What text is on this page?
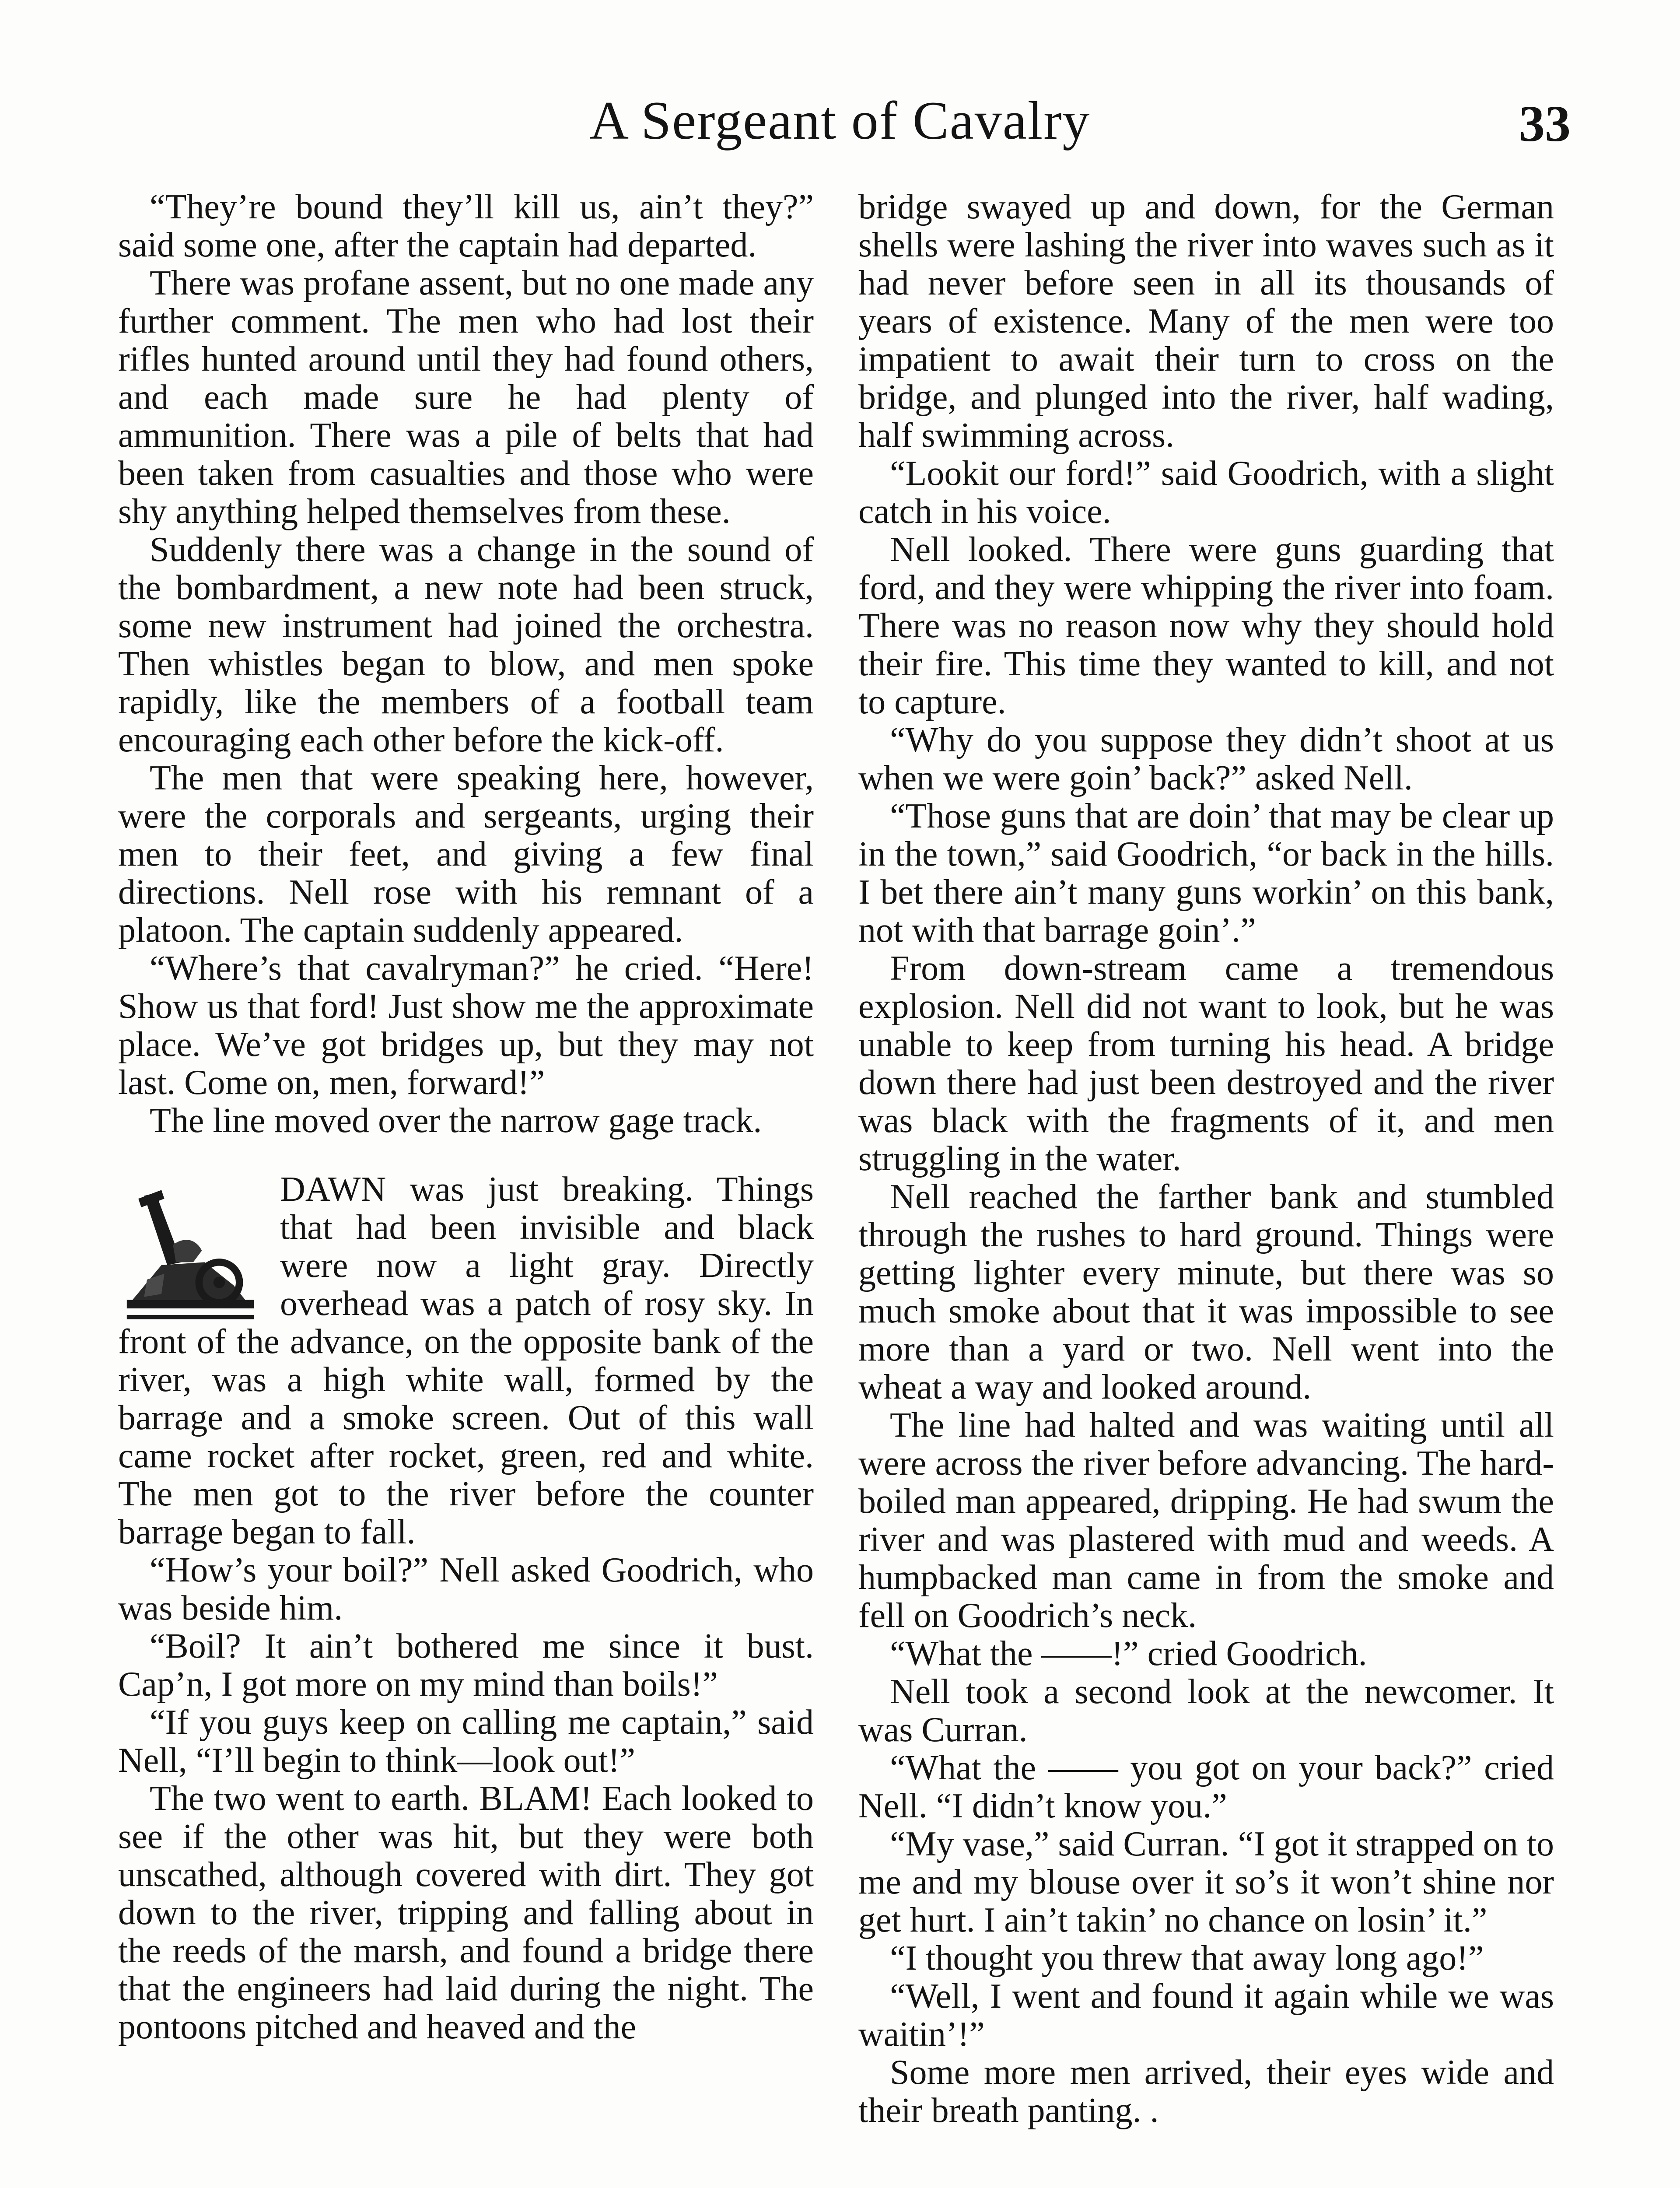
A Sergeant of Cavalry	33

“They’re bound they’ll kill us, ain’t they?” said some one, after the captain had departed.

There was profane assent, but no one made any further comment. The men who had lost their rifles hunted around until they had found others, and each made sure he had plenty of ammunition. There was a pile of belts that had been taken from casualties and those who were shy anything helped themselves from these.

Suddenly there was a change in the sound of the bombardment, a new note had been struck, some new instrument had joined the orchestra. Then whistles began to blow, and men spoke rapidly, like the members of a football team encouraging each other before the kick-off.

The men that were speaking here, however, were the corporals and sergeants, urging their men to their feet, and giving a few final directions. Nell rose with his remnant of a platoon. The captain suddenly appeared.

“Where’s that cavalryman?” he cried. “Here! Show us that ford! Just show me the approximate place. We’ve got bridges up, but they may not last. Come on, men, forward!”

The line moved over the narrow gage track.

DAWN was just breaking. Things that had been invisible and black were now a light gray. Directly overhead was a patch of rosy sky. In front of the advance, on the opposite bank of the river, was a high white wall, formed by the barrage and a smoke screen. Out of this wall came rocket after rocket, green, red and white. The men got to the river before the counter barrage began to fall.

“How’s your boil?” Nell asked Goodrich, who was beside him.

“Boil? It ain’t bothered me since it bust. Cap’n, I got more on my mind than boils!”

“If you guys keep on calling me captain,” said Nell, “I’ll begin to think—look out!”

The two went to earth. BLAM! Each looked to see if the other was hit, but they were both unscathed, although covered with dirt. They got down to the river, tripping and falling about in the reeds of the marsh, and found a bridge there that the engineers had laid during the night. The pontoons pitched and heaved and the

bridge swayed up and down, for the German shells were lashing the river into waves such as it had never before seen in all its thousands of years of existence. Many of the men were too impatient to await their turn to cross on the bridge, and plunged into the river, half wading, half swimming across.

“Lookit our ford!” said Goodrich, with a slight catch in his voice.

Nell looked. There were guns guarding that ford, and they were whipping the river into foam. There was no reason now why they should hold their fire. This time they wanted to kill, and not to capture.

“Why do you suppose they didn’t shoot at us when we were goin’ back?” asked Nell.

“Those guns that are doin’ that may be clear up in the town,” said Goodrich, “or back in the hills. I bet there ain’t many guns workin’ on this bank, not with that barrage goin’.”

From down-stream came a tremendous explosion. Nell did not want to look, but he was unable to keep from turning his head. A bridge down there had just been destroyed and the river was black with the fragments of it, and men struggling in the water.

Nell reached the farther bank and stumbled through the rushes to hard ground. Things were getting lighter every minute, but there was so much smoke about that it was impossible to see more than a yard or two. Nell went into the wheat a way and looked around.

The line had halted and was waiting until all were across the river before advancing. The hard-boiled man appeared, dripping. He had swum the river and was plastered with mud and weeds. A humpbacked man came in from the smoke and fell on Goodrich’s neck.

“What the ——!” cried Goodrich.

Nell took a second look at the newcomer. It was Curran.

“What the —— you got on your back?” cried Nell. “I didn’t know you.”

“My vase,” said Curran. “I got it strapped on to me and my blouse over it so’s it won’t shine nor get hurt. I ain’t takin’ no chance on losin’ it.”

“I thought you threw that away long ago!”

“Well, I went and found it again while we was waitin’!”

Some more men arrived, their eyes wide and their breath panting. .
